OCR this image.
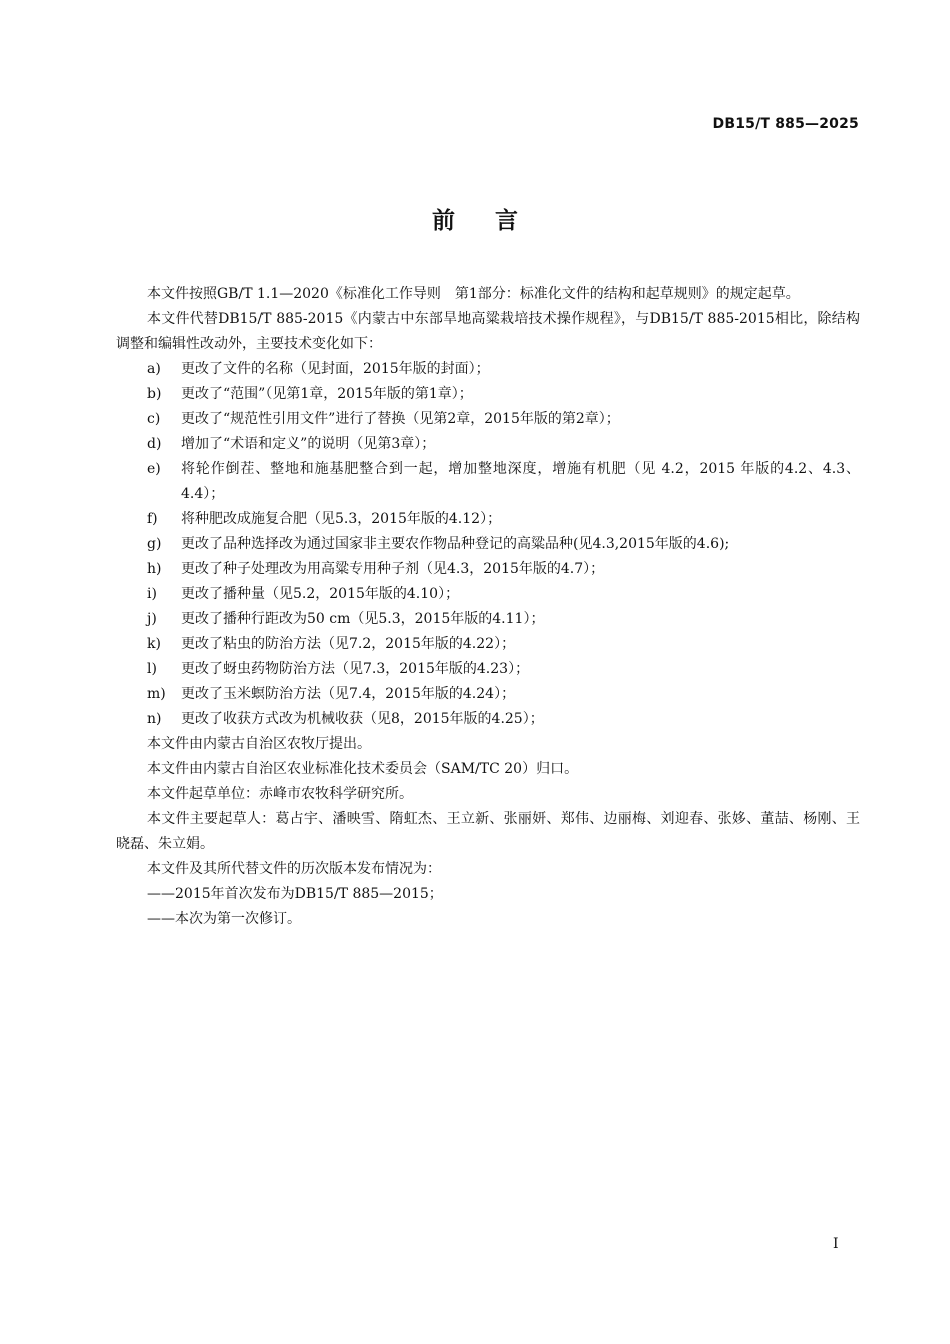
DB15/T 885—2025
前言

本文件按照GB/T 1.1—2020《标准化工作导则　第1部分：标准化文件的结构和起草规则》的规定起草。

本文件代替DB15/T 885-2015《内蒙古中东部旱地高粱栽培技术操作规程》，与DB15/T 885-2015相比，除结构调整和编辑性改动外，主要技术变化如下：

a)	更改了文件的名称（见封面，2015年版的封面）；
b)	更改了“范围”（见第1章，2015年版的第1章）；
c)	更改了“规范性引用文件”进行了替换（见第2章，2015年版的第2章）；
d)	增加了“术语和定义”的说明（见第3章）；
e)	将轮作倒茬、整地和施基肥整合到一起，增加整地深度，增施有机肥（见 4.2，2015 年版的4.2、4.3、4.4）；
f)	将种肥改成施复合肥（见5.3，2015年版的4.12）；
g)	更改了品种选择改为通过国家非主要农作物品种登记的高粱品种(见4.3,2015年版的4.6);
h)	更改了种子处理改为用高粱专用种子剂（见4.3，2015年版的4.7）；
i)	更改了播种量（见5.2，2015年版的4.10）；
j)	更改了播种行距改为50 cm（见5.3，2015年版的4.11）；
k)	更改了粘虫的防治方法（见7.2，2015年版的4.22）；
l)	更改了蚜虫药物防治方法（见7.3，2015年版的4.23）；
m)	更改了玉米螟防治方法（见7.4，2015年版的4.24）；
n)	更改了收获方式改为机械收获（见8，2015年版的4.25）；

本文件由内蒙古自治区农牧厅提出。

本文件由内蒙古自治区农业标准化技术委员会（SAM/TC 20）归口。

本文件起草单位：赤峰市农牧科学研究所。

本文件主要起草人：葛占宇、潘映雪、隋虹杰、王立新、张丽妍、郑伟、边丽梅、刘迎春、张姼、董喆、杨刚、王晓磊、朱立娟。

本文件及其所代替文件的历次版本发布情况为：

——2015年首次发布为DB15/T 885—2015；

——本次为第一次修订。

I
